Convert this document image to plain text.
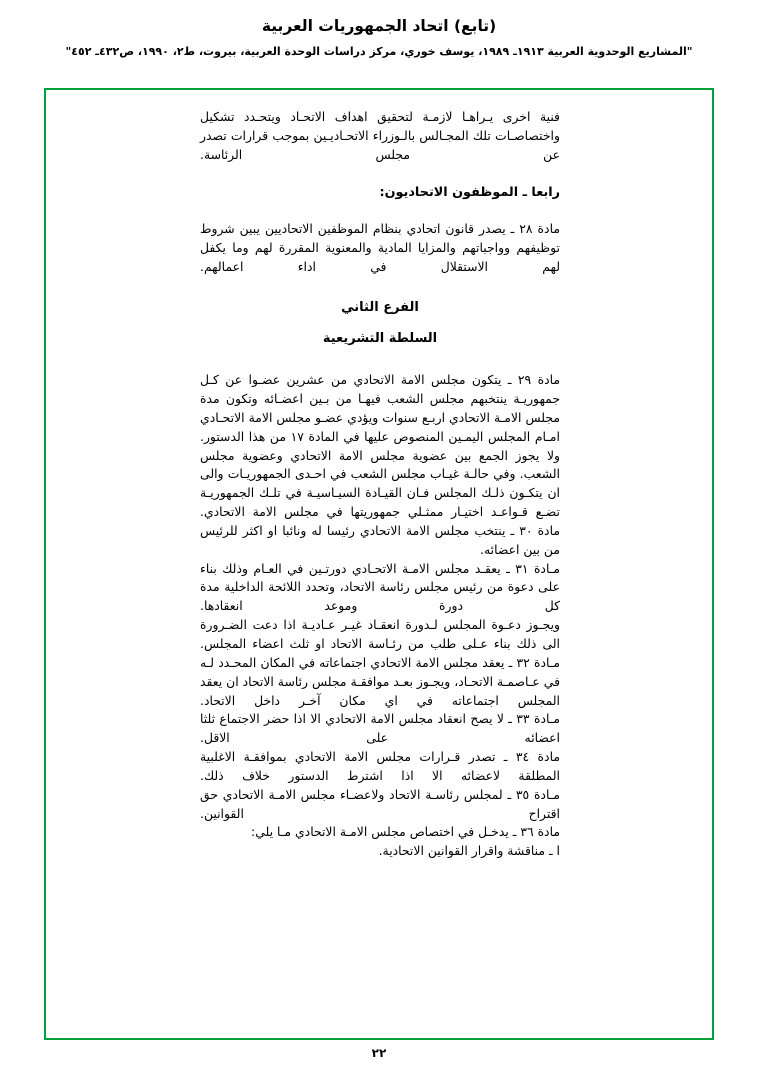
(تابع) اتحاد الجمهوريات العربية
"المشاريع الوحدوية العربية ١٩١٣ـ ١٩٨٩، يوسف خوري، مركز دراسات الوحدة العربية، بيروت، ط٢، ١٩٩٠، ص٤٣٢ـ ٤٥٢"

فنية اخرى يـراهـا لازمـة لتحقيق اهداف الاتحـاد ويتحـدد تشكيل واختصاصـات تلك المجـالس بالـوزراء الاتحـاديـين بموجب قرارات تصدر عن مجلس الرئاسة.

رابعا ـ الموظفون الاتحاديون:

مادة ٢٨ ـ يصدر قانون اتحادي بنظام الموظفين الاتحاديين يبين شروط توظيفهم وواجباتهم والمزايا المادية والمعنوية المقررة لهم وما يكفل لهم الاستقلال في اداء اعمالهم.

الفرع الثاني

السلطة التشريعية

مادة ٢٩ ـ يتكون مجلس الامة الاتحادي من عشرين عضـوا عن كـل جمهوريـة ينتخبهم مجلس الشعب فيهـا من بـين اعضـائه وتكون مدة مجلس الامـة الاتحادي اربـع سنوات ويؤدي عضـو مجلس الامة الاتحـادي امـام المجلس اليمـين المنصوص عليها في المادة ١٧ من هذا الدستور.

ولا يجوز الجمع بين عضوية مجلس الامة الاتحادي وعضوية مجلس الشعب. وفي حالـة غيـاب مجلس الشعب في احـدى الجمهوريـات والى ان يتكـون ذلـك المجلس فـان القيـادة السيـاسيـة في تلـك الجمهوريـة تضـع قـواعـد اختيـار ممثـلي جمهوريتها في مجلس الامة الاتحادي.

مادة ٣٠ ـ ينتخب مجلس الامة الاتحادي رئيسا له ونائبا او اكثر للرئيس من بين اعضائه.

مـادة ٣١ ـ يعقـد مجلس الامـة الاتحـادي دورتـين في العـام وذلك بناء على دعوة من رئيس مجلس رئاسة الاتحاد، وتحدد اللائحة الداخلية مدة كل دورة وموعد انعقادها.

ويجـوز دعـوة المجلس لـدورة انعقـاد غيـر عـاديـة اذا دعت الضـرورة الى ذلك بناء عـلى طلب من رئـاسة الاتحاد او ثلث اعضاء المجلس.

مـادة ٣٢ ـ يعقد مجلس الامة الاتحادي اجتماعاته في المكان المحـدد لـه في عـاصمـة الاتحـاد، ويجـوز بعـد موافقـة مجلس رئاسة الاتحاد ان يعقد المجلس اجتماعاته في اي مكان آخـر داخل الاتحاد.

مـادة ٣٣ ـ لا يصح انعقاد مجلس الامة الاتحادي الا اذا حضر الاجتماع ثلثا اعضائه على الاقل.

مادة ٣٤ ـ تصدر قـرارات مجلس الامة الاتحادي بموافقـة الاغلبية المطلقة لاعضائه الا اذا اشترط الدستور خلاف ذلك.

مـادة ٣٥ ـ لمجلس رئاسـة الاتحاد ولاعضـاء مجلس الامـة الاتحادي حق اقتراح القوانين.

مادة ٣٦ ـ يدخـل في اختصاص مجلس الامـة الاتحادي مـا يلي:

ا ـ مناقشة واقرار القوانين الاتحادية.

٢٢
